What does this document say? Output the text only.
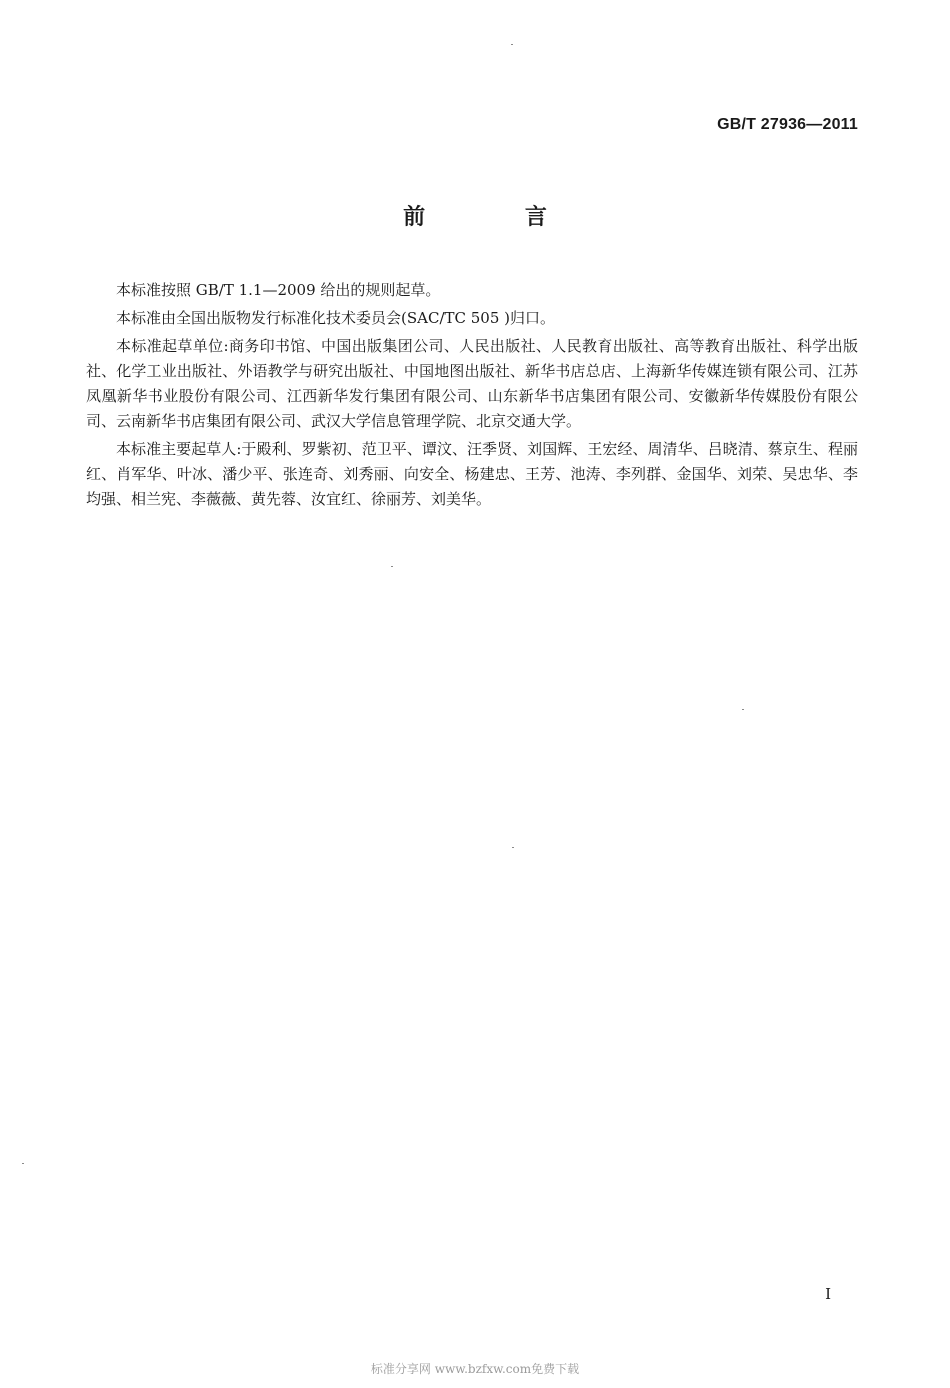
GB/T 27936—2011
前 言

本标准按照 GB/T 1.1—2009 给出的规则起草。

本标准由全国出版物发行标准化技术委员会(SAC/TC 505 )归口。

本标准起草单位:商务印书馆、中国出版集团公司、人民出版社、人民教育出版社、高等教育出版社、科学出版社、化学工业出版社、外语教学与研究出版社、中国地图出版社、新华书店总店、上海新华传媒连锁有限公司、江苏凤凰新华书业股份有限公司、江西新华发行集团有限公司、山东新华书店集团有限公司、安徽新华传媒股份有限公司、云南新华书店集团有限公司、武汉大学信息管理学院、北京交通大学。

本标准主要起草人:于殿利、罗紫初、范卫平、谭汶、汪季贤、刘国辉、王宏经、周清华、吕晓清、蔡京生、程丽红、肖军华、叶冰、潘少平、张连奇、刘秀丽、向安全、杨建忠、王芳、池涛、李列群、金国华、刘荣、吴忠华、李均强、相兰宪、李薇薇、黄先蓉、汝宜红、徐丽芳、刘美华。

I
标准分享网 www.bzfxw.com免费下载
